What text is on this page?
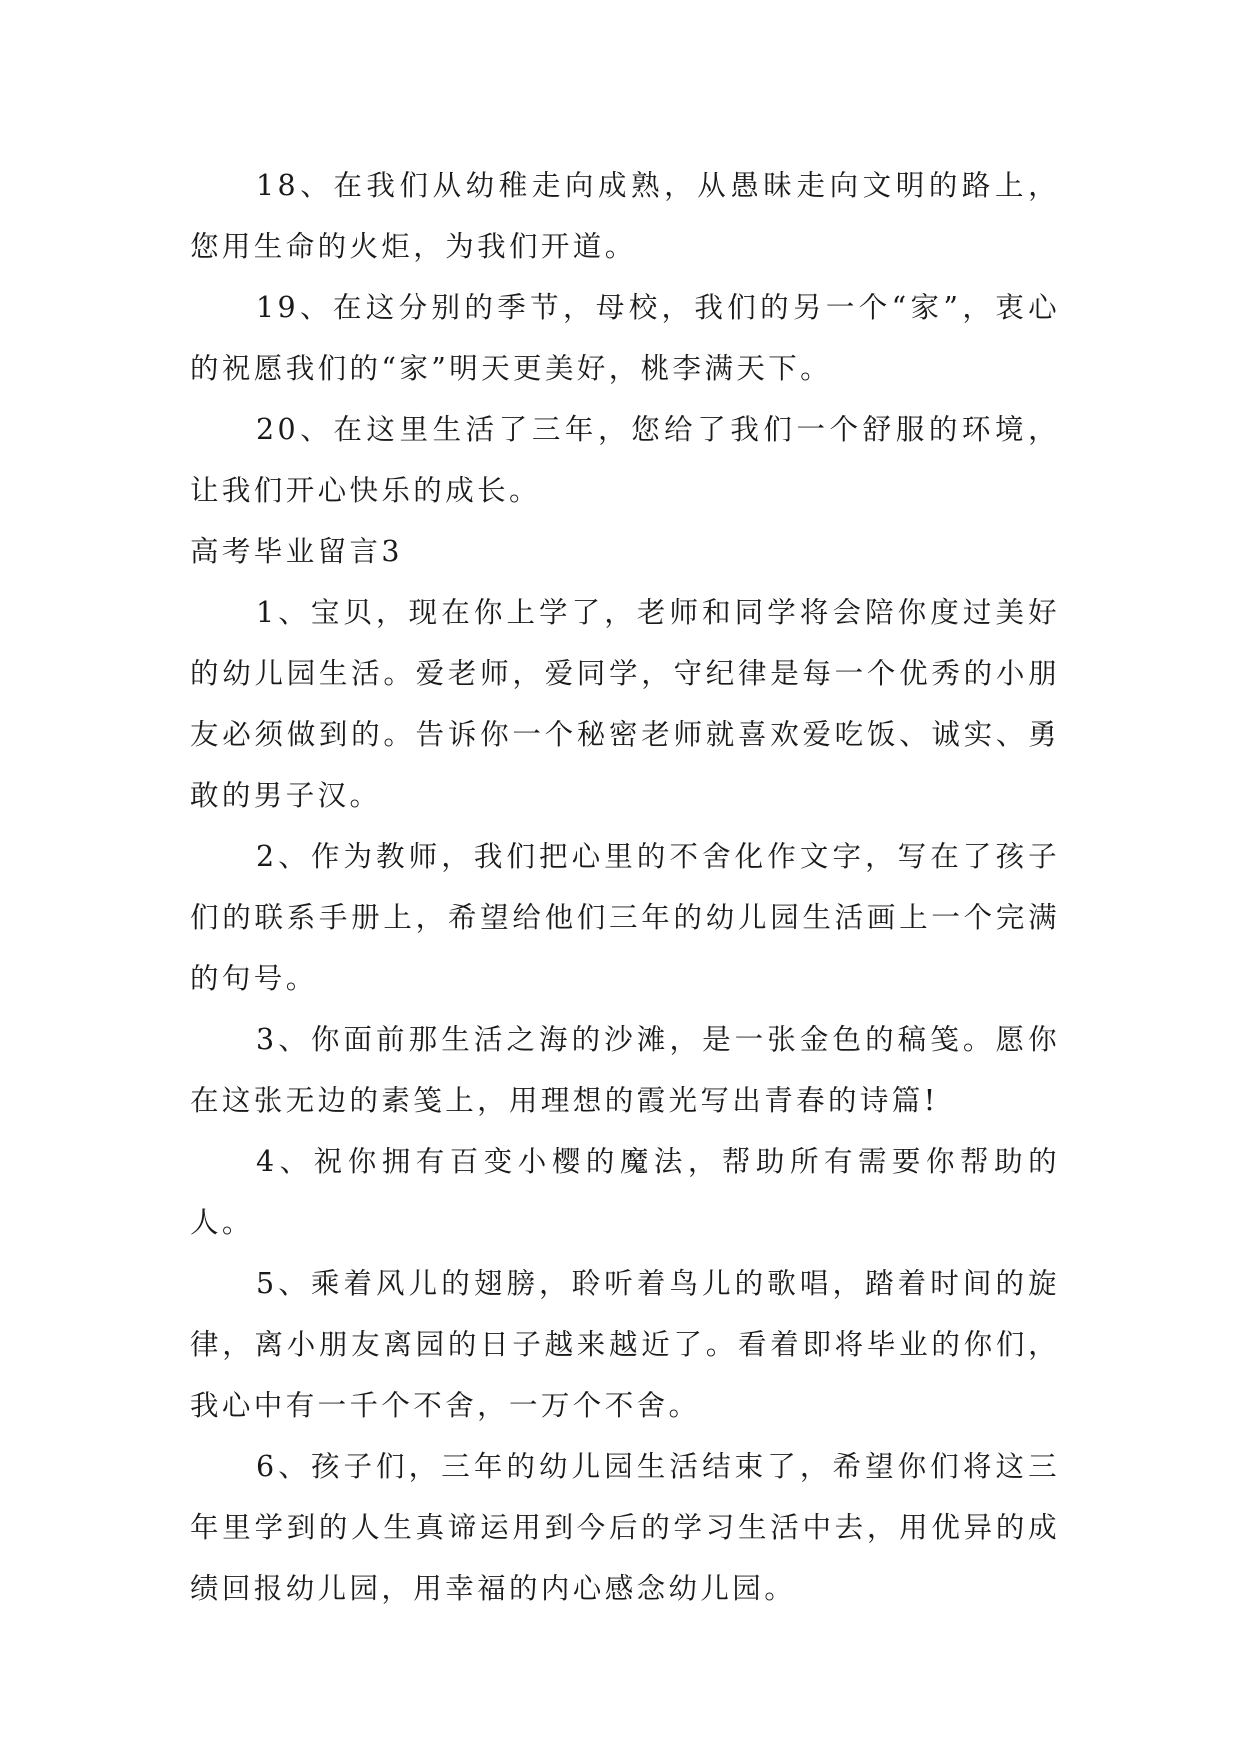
18、在我们从幼稚走向成熟，从愚昧走向文明的路上，您用生命的火炬，为我们开道。

19、在这分别的季节，母校，我们的另一个“家”，衷心的祝愿我们的“家”明天更美好，桃李满天下。

20、在这里生活了三年，您给了我们一个舒服的环境，让我们开心快乐的成长。

高考毕业留言3

1、宝贝，现在你上学了，老师和同学将会陪你度过美好的幼儿园生活。爱老师，爱同学，守纪律是每一个优秀的小朋友必须做到的。告诉你一个秘密老师就喜欢爱吃饭、诚实、勇敢的男子汉。

2、作为教师，我们把心里的不舍化作文字，写在了孩子们的联系手册上，希望给他们三年的幼儿园生活画上一个完满的句号。

3、你面前那生活之海的沙滩，是一张金色的稿笺。愿你在这张无边的素笺上，用理想的霞光写出青春的诗篇!

4、祝你拥有百变小樱的魔法，帮助所有需要你帮助的人。

5、乘着风儿的翅膀，聆听着鸟儿的歌唱，踏着时间的旋律，离小朋友离园的日子越来越近了。看着即将毕业的你们，我心中有一千个不舍，一万个不舍。

6、孩子们，三年的幼儿园生活结束了，希望你们将这三年里学到的人生真谛运用到今后的学习生活中去，用优异的成绩回报幼儿园，用幸福的内心感念幼儿园。
